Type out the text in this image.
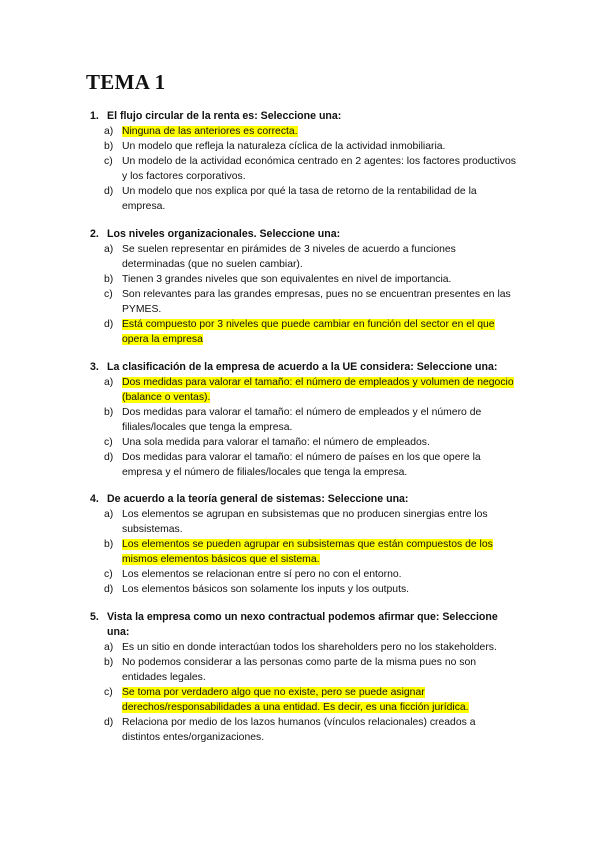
TEMA 1
1. El flujo circular de la renta es: Seleccione una:
a) Ninguna de las anteriores es correcta.
b) Un modelo que refleja la naturaleza cíclica de la actividad inmobiliaria.
c) Un modelo de la actividad económica centrado en 2 agentes: los factores productivos y los factores corporativos.
d) Un modelo que nos explica por qué la tasa de retorno de la rentabilidad de la empresa.
2. Los niveles organizacionales. Seleccione una:
a) Se suelen representar en pirámides de 3 niveles de acuerdo a funciones determinadas (que no suelen cambiar).
b) Tienen 3 grandes niveles que son equivalentes en nivel de importancia.
c) Son relevantes para las grandes empresas, pues no se encuentran presentes en las PYMES.
d) Está compuesto por 3 niveles que puede cambiar en función del sector en el que opera la empresa
3. La clasificación de la empresa de acuerdo a la UE considera: Seleccione una:
a) Dos medidas para valorar el tamaño: el número de empleados y volumen de negocio (balance o ventas).
b) Dos medidas para valorar el tamaño: el número de empleados y el número de filiales/locales que tenga la empresa.
c) Una sola medida para valorar el tamaño: el número de empleados.
d) Dos medidas para valorar el tamaño: el número de países en los que opere la empresa y el número de filiales/locales que tenga la empresa.
4. De acuerdo a la teoría general de sistemas: Seleccione una:
a) Los elementos se agrupan en subsistemas que no producen sinergias entre los subsistemas.
b) Los elementos se pueden agrupar en subsistemas que están compuestos de los mismos elementos básicos que el sistema.
c) Los elementos se relacionan entre sí pero no con el entorno.
d) Los elementos básicos son solamente los inputs y los outputs.
5. Vista la empresa como un nexo contractual podemos afirmar que: Seleccione una:
a) Es un sitio en donde interactúan todos los shareholders pero no los stakeholders.
b) No podemos considerar a las personas como parte de la misma pues no son entidades legales.
c) Se toma por verdadero algo que no existe, pero se puede asignar derechos/responsabilidades a una entidad. Es decir, es una ficción jurídica.
d) Relaciona por medio de los lazos humanos (vínculos relacionales) creados a distintos entes/organizaciones.
